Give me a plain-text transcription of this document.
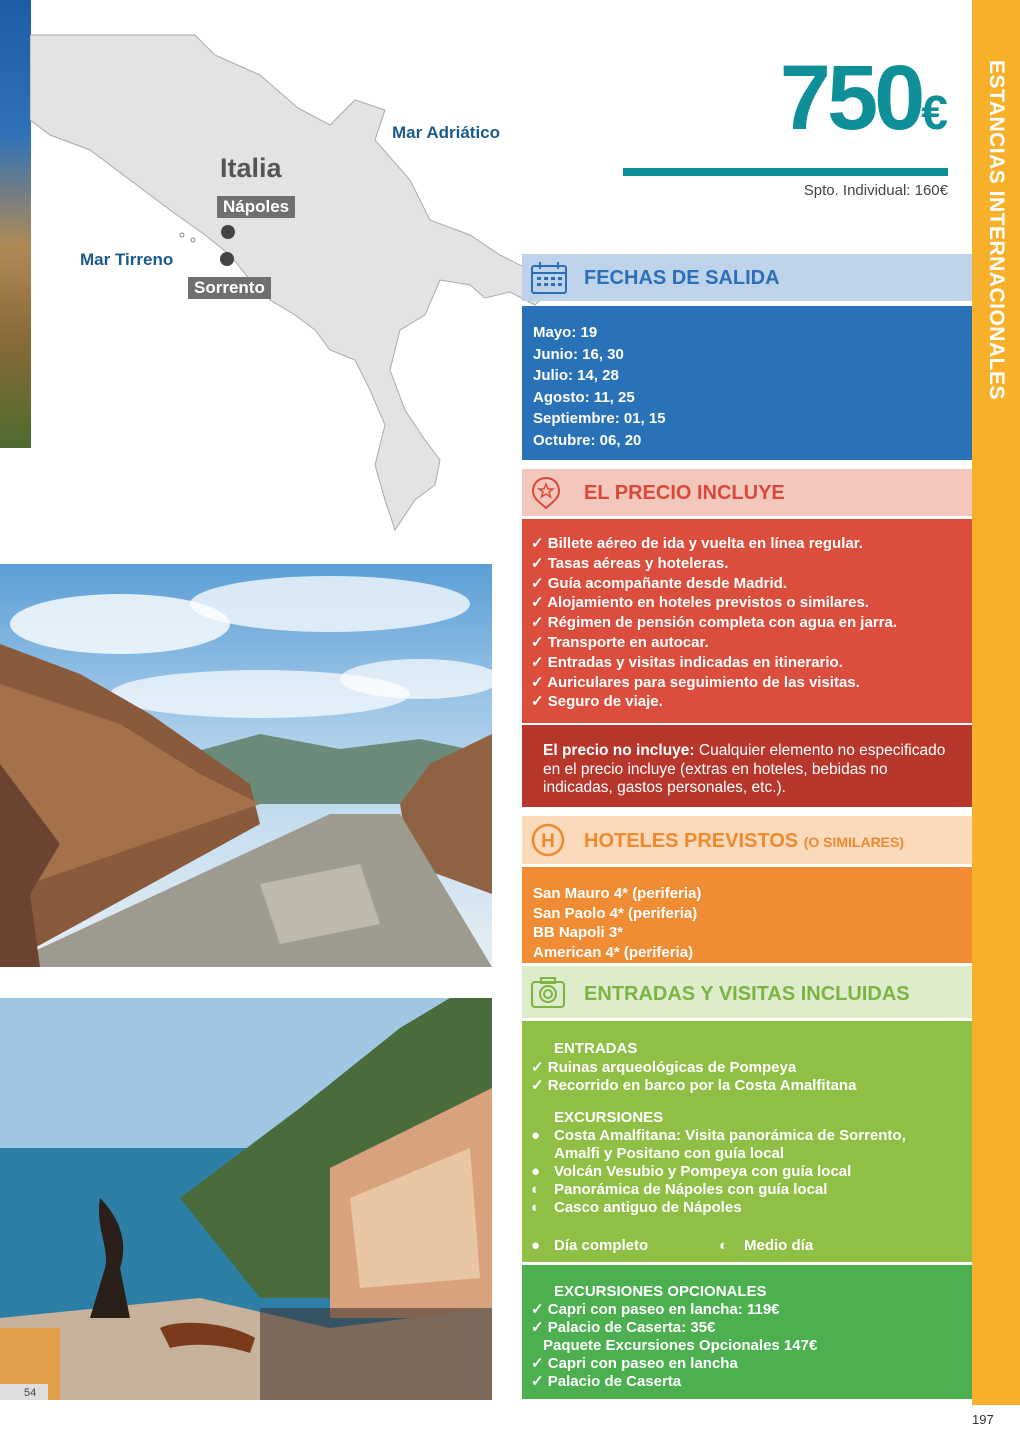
Mar Adriático
Mar Tirreno
Italia
Nápoles
Sorrento
54
750€
Spto. Individual: 160€
FECHAS DE SALIDA
Mayo: 19
Junio: 16, 30
Julio: 14, 28
Agosto: 11, 25
Septiembre: 01, 15
Octubre: 06, 20
EL PRECIO INCLUYE
✓ Billete aéreo de ida y vuelta en línea regular.
✓ Tasas aéreas y hoteleras.
✓ Guía acompañante desde Madrid.
✓ Alojamiento en hoteles previstos o similares.
✓ Régimen de pensión completa con agua en jarra.
✓ Transporte en autocar.
✓ Entradas y visitas indicadas en itinerario.
✓ Auriculares para seguimiento de las visitas.
✓ Seguro de viaje.
El precio no incluye: Cualquier elemento no especificado en el precio incluye (extras en hoteles, bebidas no indicadas, gastos personales, etc.).
H HOTELES PREVISTOS (O SIMILARES)
San Mauro 4* (periferia)
San Paolo 4* (periferia)
BB Napoli 3*
American 4* (periferia)
ENTRADAS Y VISITAS INCLUIDAS
ENTRADAS
✓ Ruinas arqueológicas de Pompeya
✓ Recorrido en barco por la Costa Amalfitana
EXCURSIONES
● Costa Amalfitana: Visita panorámica de Sorrento,
Amalfi y Positano con guía local
● Volcán Vesubio y Pompeya con guía local
◐ Panorámica de Nápoles con guía local
◐ Casco antiguo de Nápoles
● Día completo	◐	Medio día
EXCURSIONES OPCIONALES
✓ Capri con paseo en lancha: 119€
✓ Palacio de Caserta: 35€
Paquete Excursiones Opcionales 147€
✓ Capri con paseo en lancha
✓ Palacio de Caserta
ESTANCIAS INTERNACIONALES
197
